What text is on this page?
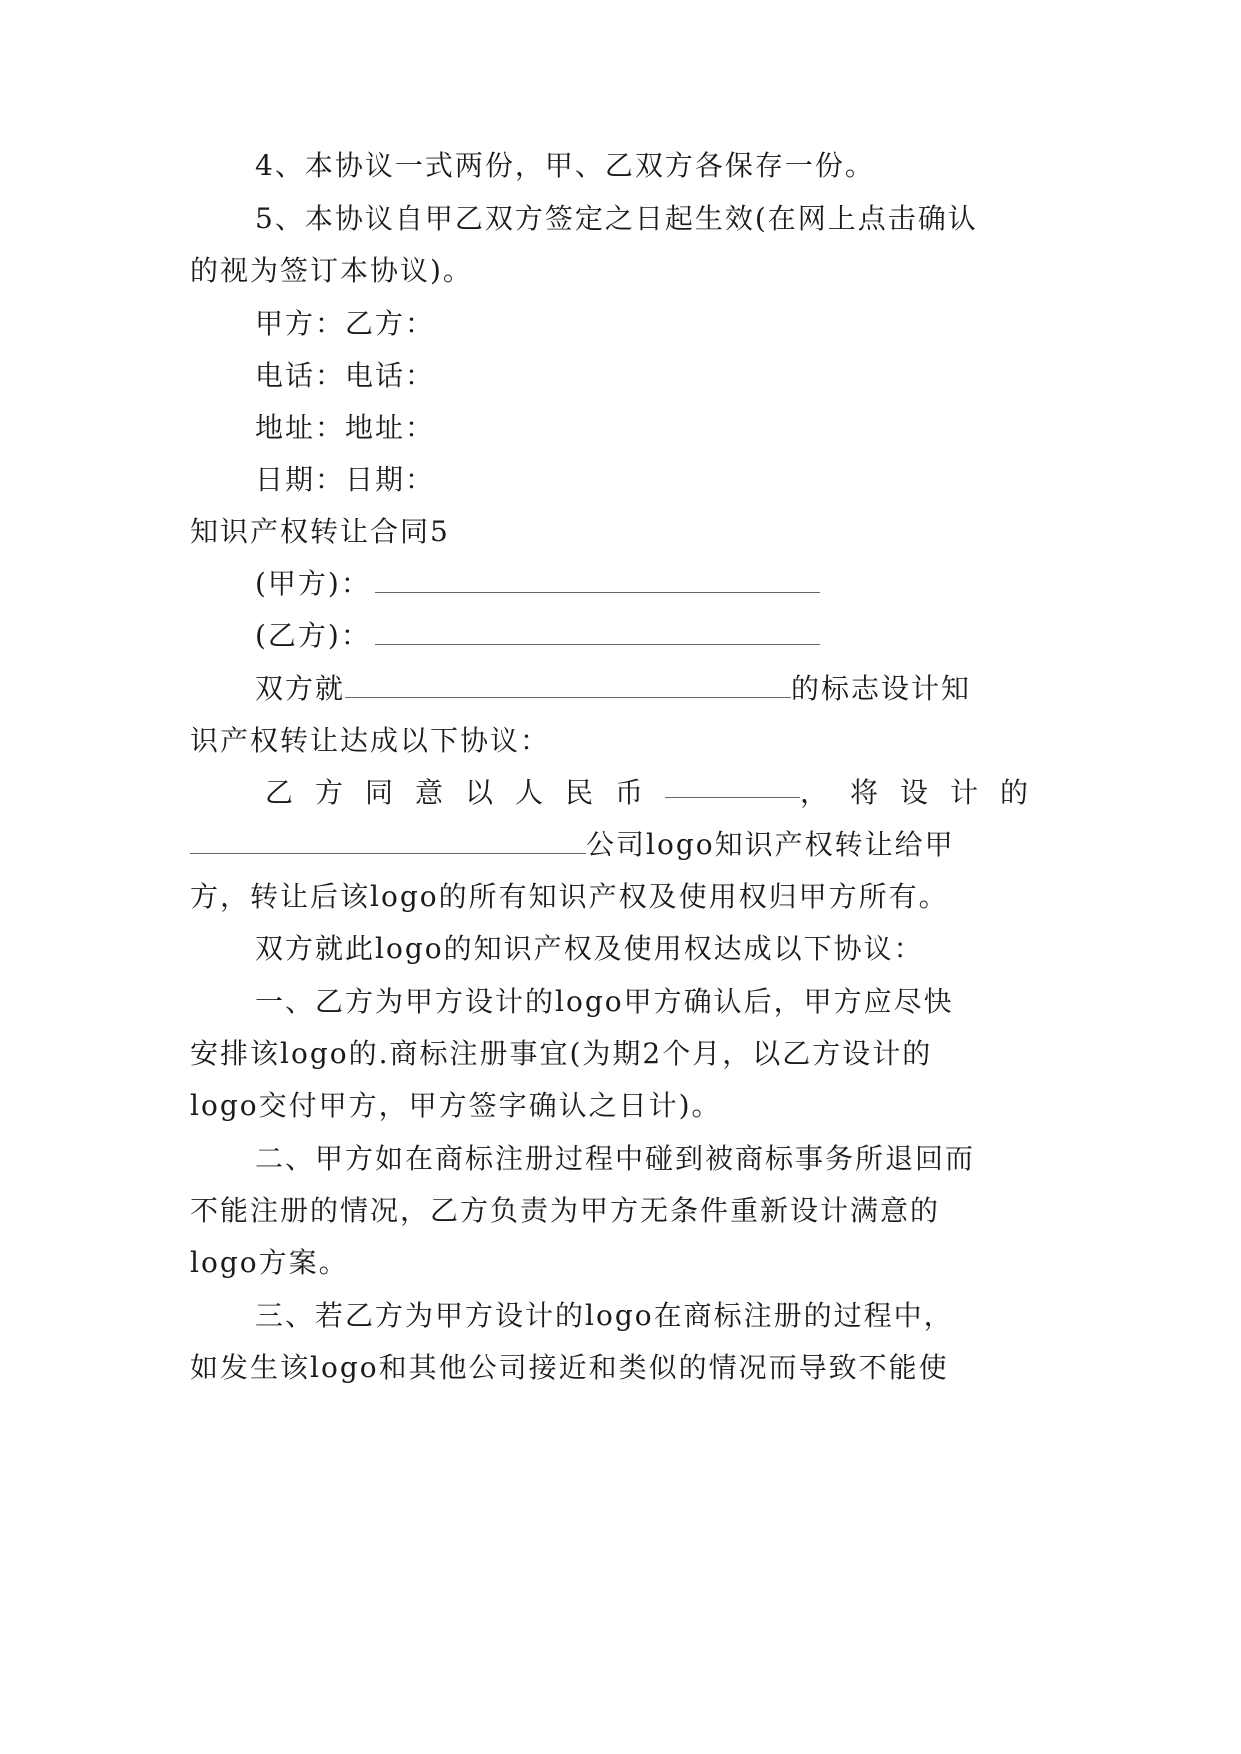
4、本协议一式两份，甲、乙双方各保存一份。
5、本协议自甲乙双方签定之日起生效(在网上点击确认
的视为签订本协议)。
甲方：乙方：
电话：电话：
地址：地址：
日期：日期：
知识产权转让合同5
(甲方)：
(乙方)：
双方就	的标志设计知
识产权转让达成以下协议：
乙方同意以人民币	，将设计的
公司logo知识产权转让给甲
方，转让后该logo的所有知识产权及使用权归甲方所有。
双方就此logo的知识产权及使用权达成以下协议：
一、乙方为甲方设计的logo甲方确认后，甲方应尽快
安排该logo的.商标注册事宜(为期2个月，以乙方设计的
logo交付甲方，甲方签字确认之日计)。
二、甲方如在商标注册过程中碰到被商标事务所退回而
不能注册的情况，乙方负责为甲方无条件重新设计满意的
logo方案。
三、若乙方为甲方设计的logo在商标注册的过程中，
如发生该logo和其他公司接近和类似的情况而导致不能使
